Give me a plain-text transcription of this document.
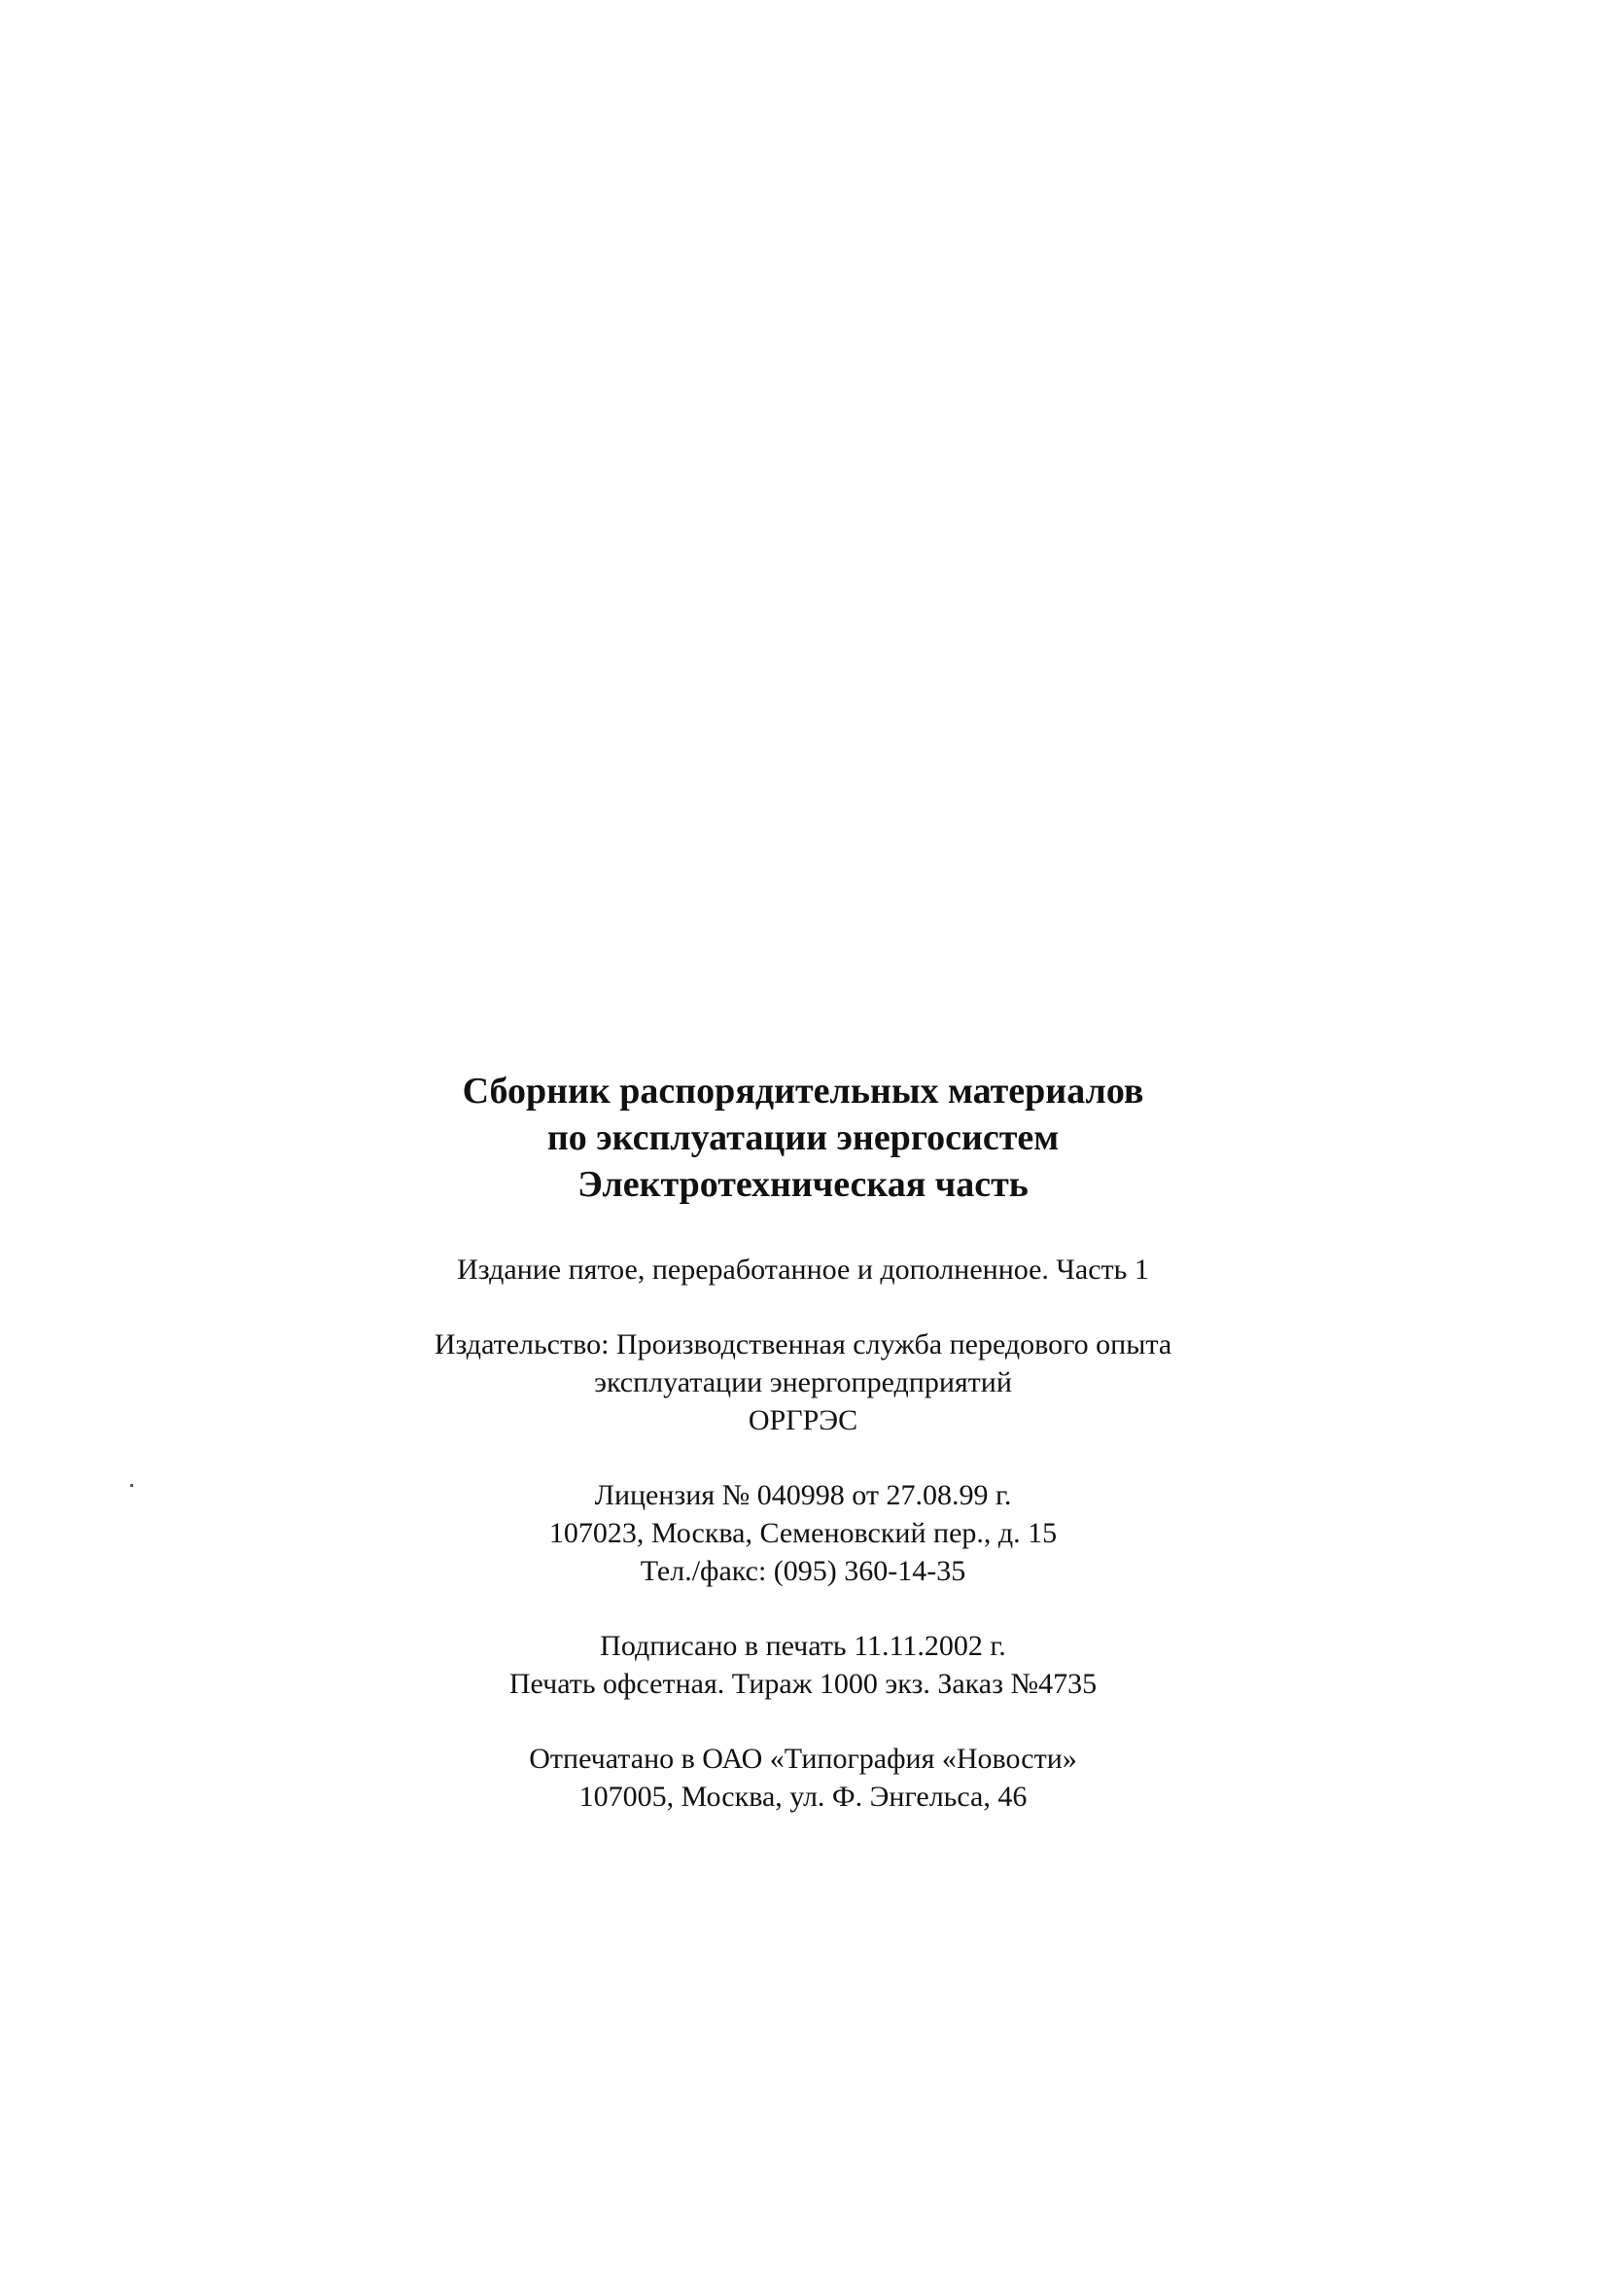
Сборник распорядительных материалов
по эксплуатации энергосистем
Электротехническая часть
Издание пятое, переработанное и дополненное. Часть 1
Издательство: Производственная служба передового опыта
эксплуатации энергопредприятий
ОРГРЭС
Лицензия № 040998 от 27.08.99 г.
107023, Москва, Семеновский пер., д. 15
Тел./факс: (095) 360-14-35
Подписано в печать 11.11.2002 г.
Печать офсетная. Тираж 1000 экз. Заказ №4735
Отпечатано в ОАО «Типография «Новости»
107005, Москва, ул. Ф. Энгельса, 46
